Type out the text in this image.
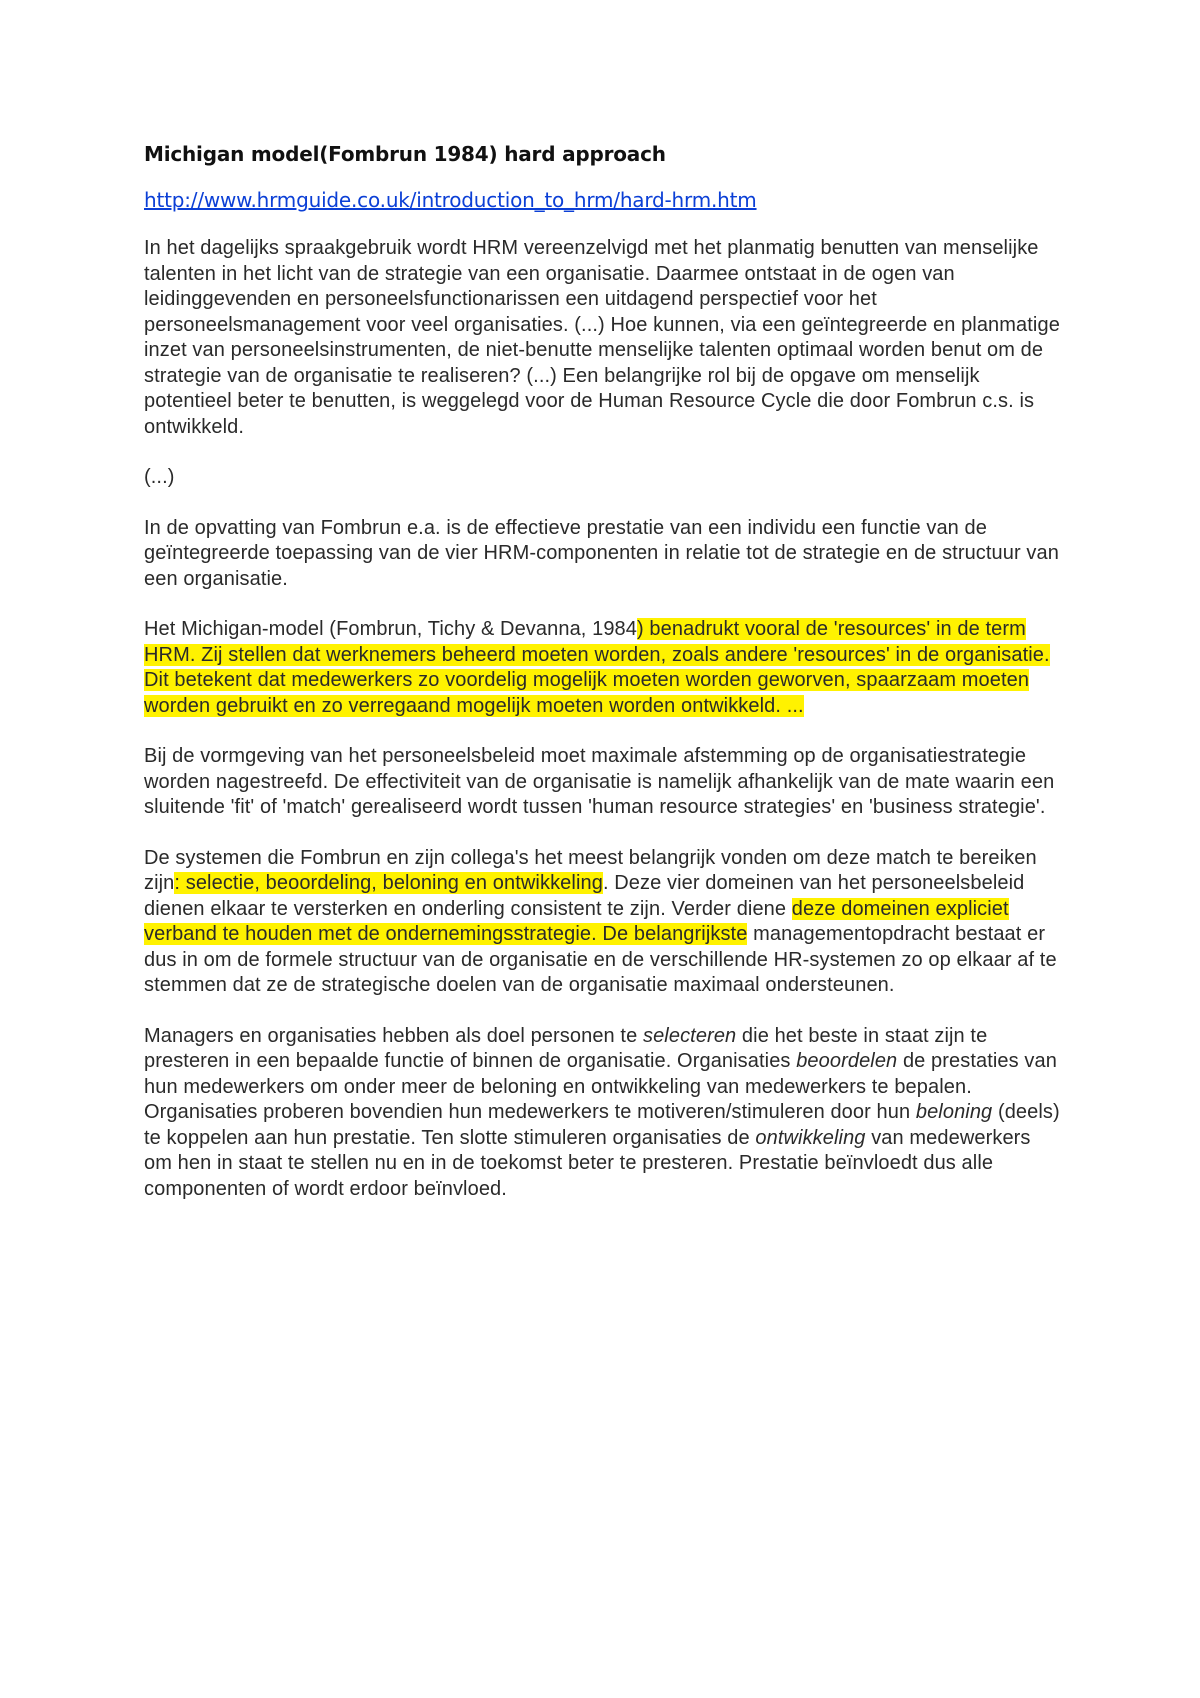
Michigan model(Fombrun 1984) hard approach
http://www.hrmguide.co.uk/introduction_to_hrm/hard-hrm.htm

In het dagelijks spraakgebruik wordt HRM vereenzelvigd met het planmatig benutten van menselijke talenten in het licht van de strategie van een organisatie. Daarmee ontstaat in de ogen van leidinggevenden en personeelsfunctionarissen een uitdagend perspectief voor het personeelsmanagement voor veel organisaties. (...) Hoe kunnen, via een geïntegreerde en planmatige inzet van personeelsinstrumenten, de niet-benutte menselijke talenten optimaal worden benut om de strategie van de organisatie te realiseren? (...) Een belangrijke rol bij de opgave om menselijk potentieel beter te benutten, is weggelegd voor de Human Resource Cycle die door Fombrun c.s. is ontwikkeld.

(...)

In de opvatting van Fombrun e.a. is de effectieve prestatie van een individu een functie van de geïntegreerde toepassing van de vier HRM-componenten in relatie tot de strategie en de structuur van een organisatie.

Het Michigan-model (Fombrun, Tichy & Devanna, 1984) benadrukt vooral de 'resources' in de term HRM. Zij stellen dat werknemers beheerd moeten worden, zoals andere 'resources' in de organisatie. Dit betekent dat medewerkers zo voordelig mogelijk moeten worden geworven, spaarzaam moeten worden gebruikt en zo verregaand mogelijk moeten worden ontwikkeld. ...

Bij de vormgeving van het personeelsbeleid moet maximale afstemming op de organisatiestrategie worden nagestreefd. De effectiviteit van de organisatie is namelijk afhankelijk van de mate waarin een sluitende 'fit' of 'match' gerealiseerd wordt tussen 'human resource strategies' en 'business strategie'.

De systemen die Fombrun en zijn collega's het meest belangrijk vonden om deze match te bereiken zijn: selectie, beoordeling, beloning en ontwikkeling. Deze vier domeinen van het personeelsbeleid dienen elkaar te versterken en onderling consistent te zijn. Verder diene deze domeinen expliciet verband te houden met de ondernemingsstrategie. De belangrijkste managementopdracht bestaat er dus in om de formele structuur van de organisatie en de verschillende HR-systemen zo op elkaar af te stemmen dat ze de strategische doelen van de organisatie maximaal ondersteunen.

Managers en organisaties hebben als doel personen te selecteren die het beste in staat zijn te presteren in een bepaalde functie of binnen de organisatie. Organisaties beoordelen de prestaties van hun medewerkers om onder meer de beloning en ontwikkeling van medewerkers te bepalen. Organisaties proberen bovendien hun medewerkers te motiveren/stimuleren door hun beloning (deels) te koppelen aan hun prestatie. Ten slotte stimuleren organisaties de ontwikkeling van medewerkers om hen in staat te stellen nu en in de toekomst beter te presteren. Prestatie beïnvloedt dus alle componenten of wordt erdoor beïnvloed.
